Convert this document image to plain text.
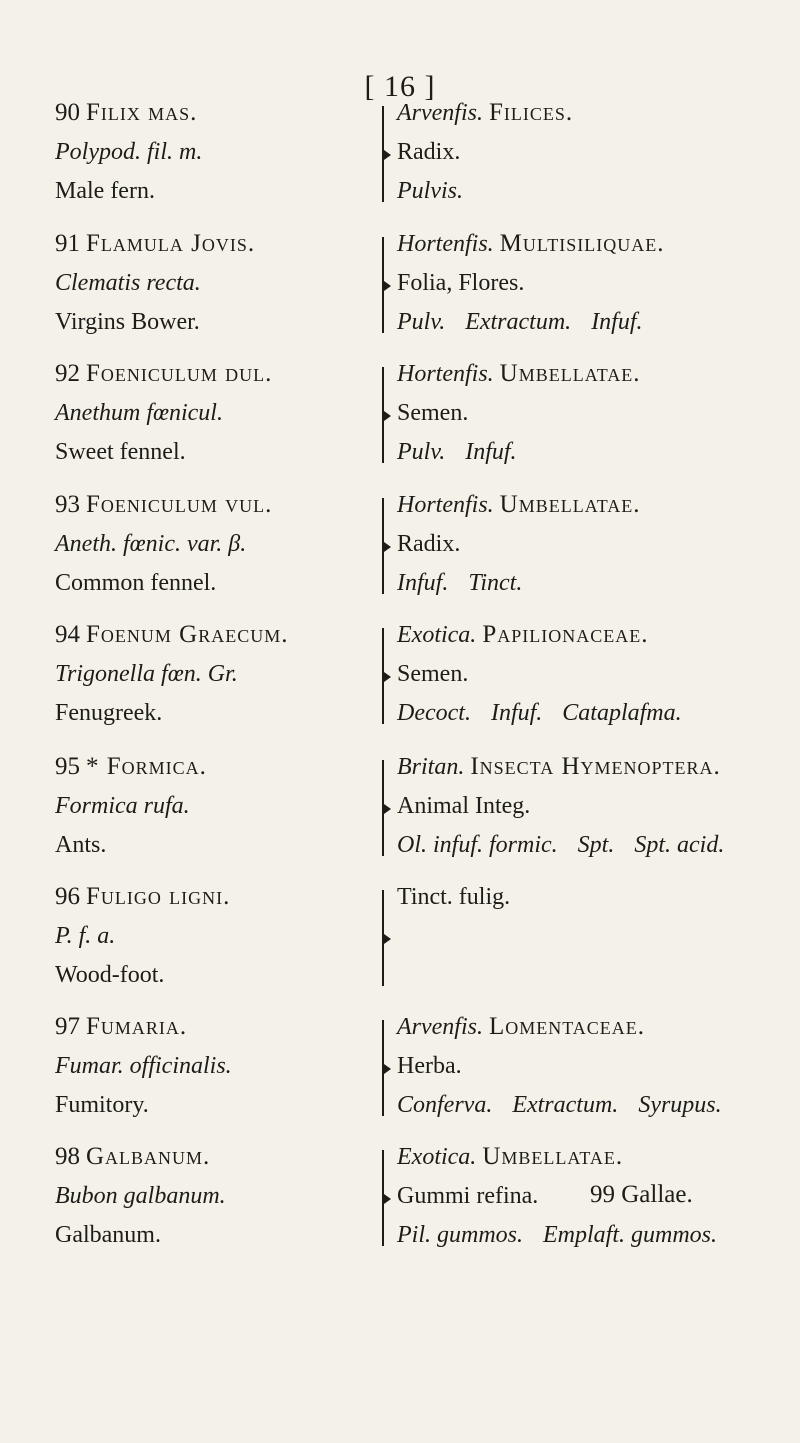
[ 16 ]
90 Filix mas.
Polypod. fil. m.
Male fern.
Arvenfis. Filices.
Radix.
Pulvis.
91 Flamula Jovis.
Clematis recta.
Virgins Bower.
Hortenfis. Multisiliquae.
Folia, Flores.
Pulv. Extractum. Infuf.
92 Foeniculum dul.
Anethum fœnicul.
Sweet fennel.
Hortenfis. Umbellatae.
Semen.
Pulv. Infuf.
93 Foeniculum vul.
Aneth. fœnic. var. β.
Common fennel.
Hortenfis. Umbellatae.
Radix.
Infuf. Tinct.
94 Foenum Graecum.
Trigonella fœn. Gr.
Fenugreek.
Exotica. Papilionaceae.
Semen.
Decoct. Infuf. Cataplafma.
95 * Formica.
Formica rufa.
Ants.
Britan. Insecta Hymenoptera.
Animal Integ.
Ol. infuf. formic. Spt. Spt. acid.
96 Fuligo ligni.
P. f. a.
Wood-foot.
Tinct. fulig.
97 Fumaria.
Fumar. officinalis.
Fumitory.
Arvenfis. Lomentaceae.
Herba.
Conferva. Extractum. Syrupus.
98 Galbanum.
Bubon galbanum.
Galbanum.
Exotica. Umbellatae.
Gummi refina.
Pil. gummos. Emplaft. gummos.
99 Gallae.
